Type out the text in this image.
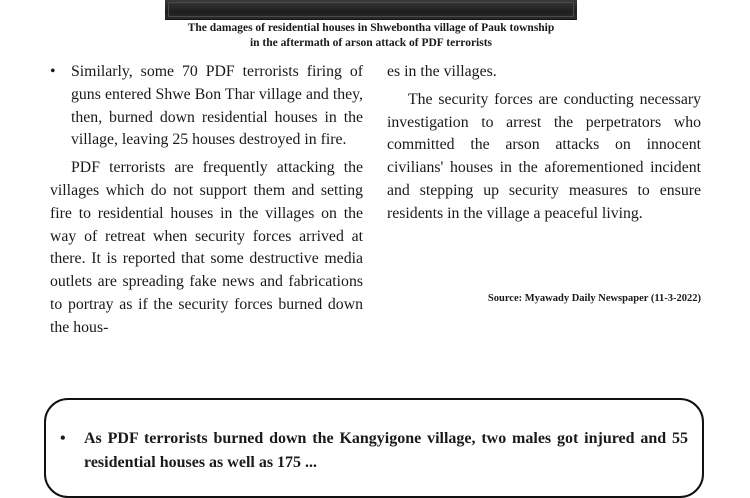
The damages of residential houses in Shwebontha village of Pauk township
in the aftermath of arson attack of PDF terrorists

• Similarly, some 70 PDF terrorists firing of guns entered Shwe Bon Thar village and they, then, burned down residential houses in the village, leaving 25 houses destroyed in fire.

PDF terrorists are frequently attacking the villages which do not support them and setting fire to residential houses in the villages on the way of retreat when security forces arrived at there. It is reported that some destructive media outlets are spreading fake news and fabrications to portray as if the security forces burned down the hous-

es in the villages.

The security forces are conducting necessary investigation to arrest the perpetrators who committed the arson attacks on innocent civilians' houses in the aforementioned incident and stepping up security measures to ensure residents in the village a peaceful living.

Source: Myawady Daily Newspaper (11-3-2022)
• As PDF terrorists burned down the Kangyigone village, two males got injured and 55 residential houses as well as 175 ...
